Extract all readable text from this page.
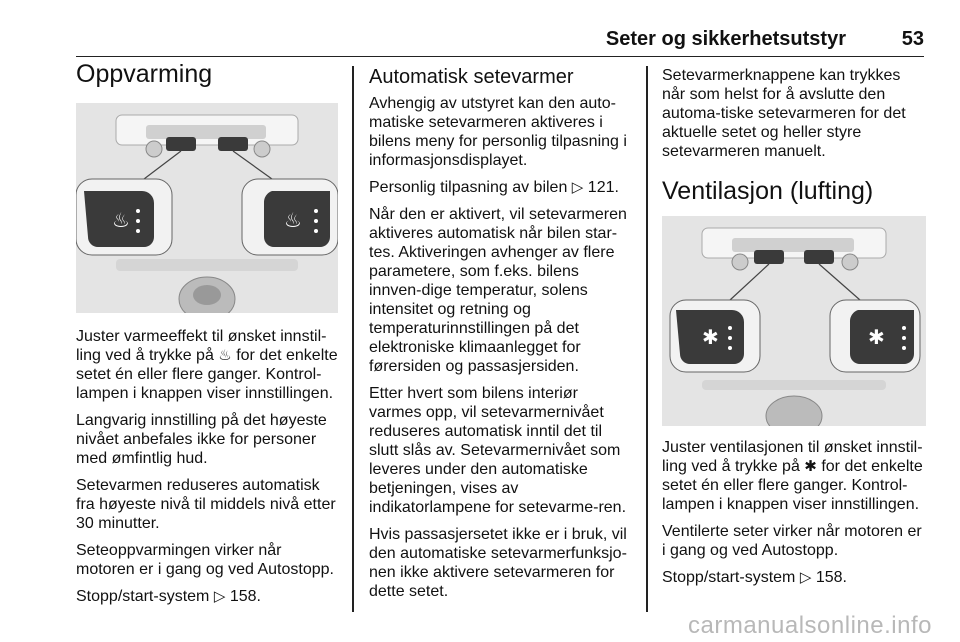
Seter og sikkerhetsutstyr	53
Oppvarming
♨	♨

Juster varmeeffekt til ønsket innstil-ling ved å trykke på ♨ for det enkelte setet én eller flere ganger. Kontrol-lampen i knappen viser innstillingen.

Langvarig innstilling på det høyeste nivået anbefales ikke for personer med ømfintlig hud.

Setevarmen reduseres automatisk fra høyeste nivå til middels nivå etter 30 minutter.

Seteoppvarmingen virker når motoren er i gang og ved Autostopp.

Stopp/start-system ▷ 158.

Automatisk setevarmer

Avhengig av utstyret kan den auto-matiske setevarmeren aktiveres i bilens meny for personlig tilpasning i informasjonsdisplayet.

Personlig tilpasning av bilen ▷ 121.

Når den er aktivert, vil setevarmeren aktiveres automatisk når bilen star-tes. Aktiveringen avhenger av flere parametere, som f.eks. bilens innven-dige temperatur, solens intensitet og retning og temperaturinnstillingen på det elektroniske klimaanlegget for førersiden og passasjersiden.

Etter hvert som bilens interiør varmes opp, vil setevarmernivået reduseres automatisk inntil det til slutt slås av. Setevarmernivået som leveres under den automatiske betjeningen, vises av indikatorlampene for setevarme-ren.

Hvis passasjersetet ikke er i bruk, vil den automatiske setevarmerfunksjo-nen ikke aktivere setevarmeren for dette setet.

Setevarmerknappene kan trykkes når som helst for å avslutte den automa-tiske setevarmeren for det aktuelle setet og heller styre setevarmeren manuelt.

Ventilasjon (lufting)
✱	✱

Juster ventilasjonen til ønsket innstil-ling ved å trykke på ✱ for det enkelte setet én eller flere ganger. Kontrol-lampen i knappen viser innstillingen.

Ventilerte seter virker når motoren er i gang og ved Autostopp.

Stopp/start-system ▷ 158.

carmanualsonline.info
